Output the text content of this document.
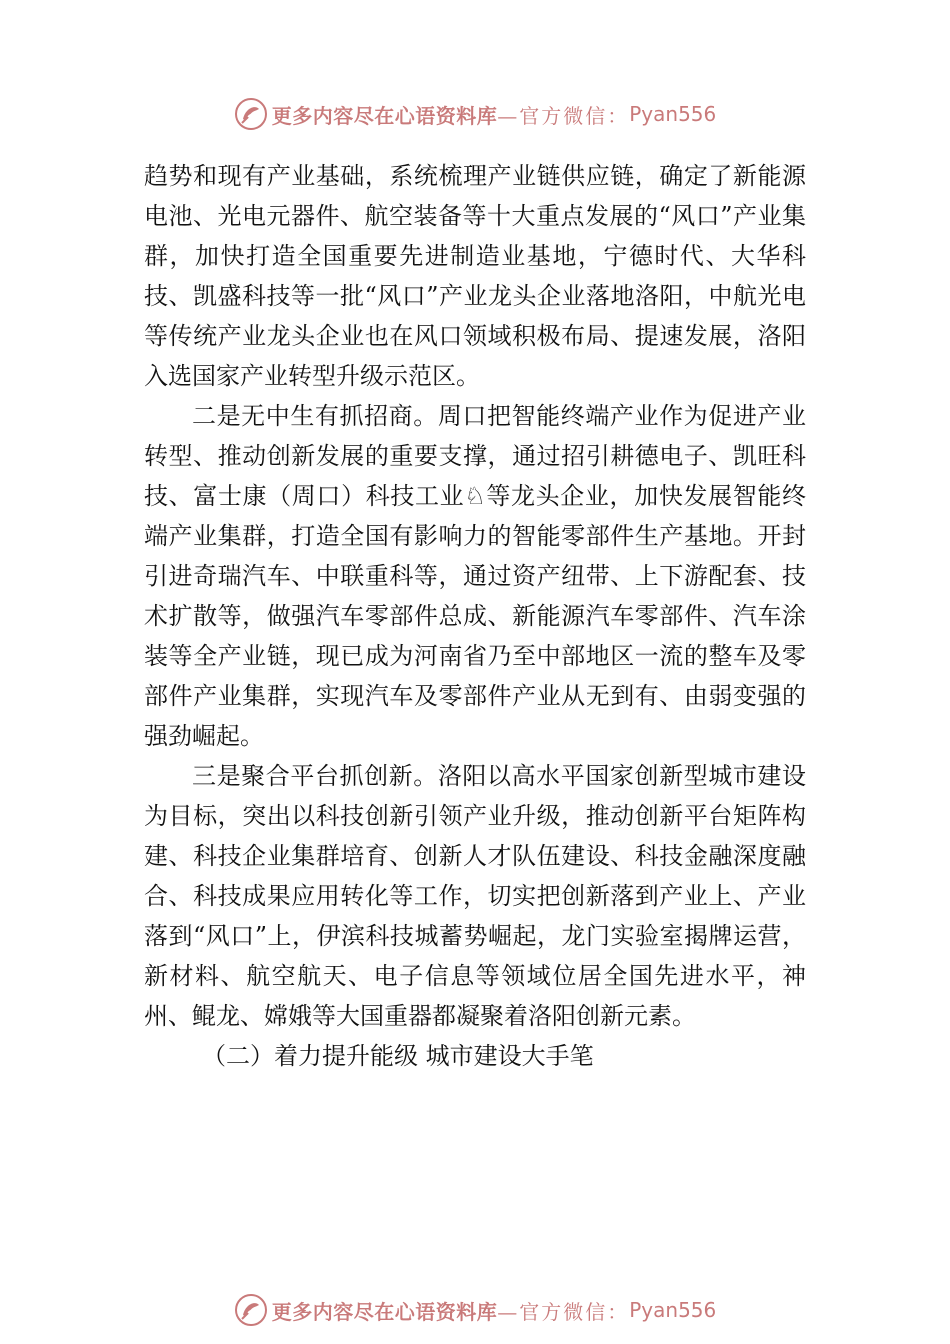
更多内容尽在心语资料库 —官方微信： Pyan556

趋势和现有产业基础，系统梳理产业链供应链，确定了新能源电池、光电元器件、航空装备等十大重点发展的“风口”产业集群，加快打造全国重要先进制造业基地，宁德时代、大华科技、凯盛科技等一批“风口”产业龙头企业落地洛阳，中航光电等传统产业龙头企业也在风口领域积极布局、提速发展，洛阳入选国家产业转型升级示范区。

二是无中生有抓招商。周口把智能终端产业作为促进产业转型、推动创新发展的重要支撑，通过招引耕德电子、凯旺科技、富士康（周口）科技工业♘等龙头企业，加快发展智能终端产业集群，打造全国有影响力的智能零部件生产基地。开封引进奇瑞汽车、中联重科等，通过资产纽带、上下游配套、技术扩散等，做强汽车零部件总成、新能源汽车零部件、汽车涂装等全产业链，现已成为河南省乃至中部地区一流的整车及零部件产业集群，实现汽车及零部件产业从无到有、由弱变强的强劲崛起。

三是聚合平台抓创新。洛阳以高水平国家创新型城市建设为目标，突出以科技创新引领产业升级，推动创新平台矩阵构建、科技企业集群培育、创新人才队伍建设、科技金融深度融合、科技成果应用转化等工作，切实把创新落到产业上、产业落到“风口”上，伊滨科技城蓄势崛起，龙门实验室揭牌运营，新材料、航空航天、电子信息等领域位居全国先进水平，神州、鲲龙、嫦娥等大国重器都凝聚着洛阳创新元素。

（二）着力提升能级 城市建设大手笔

更多内容尽在心语资料库 —官方微信： Pyan556
